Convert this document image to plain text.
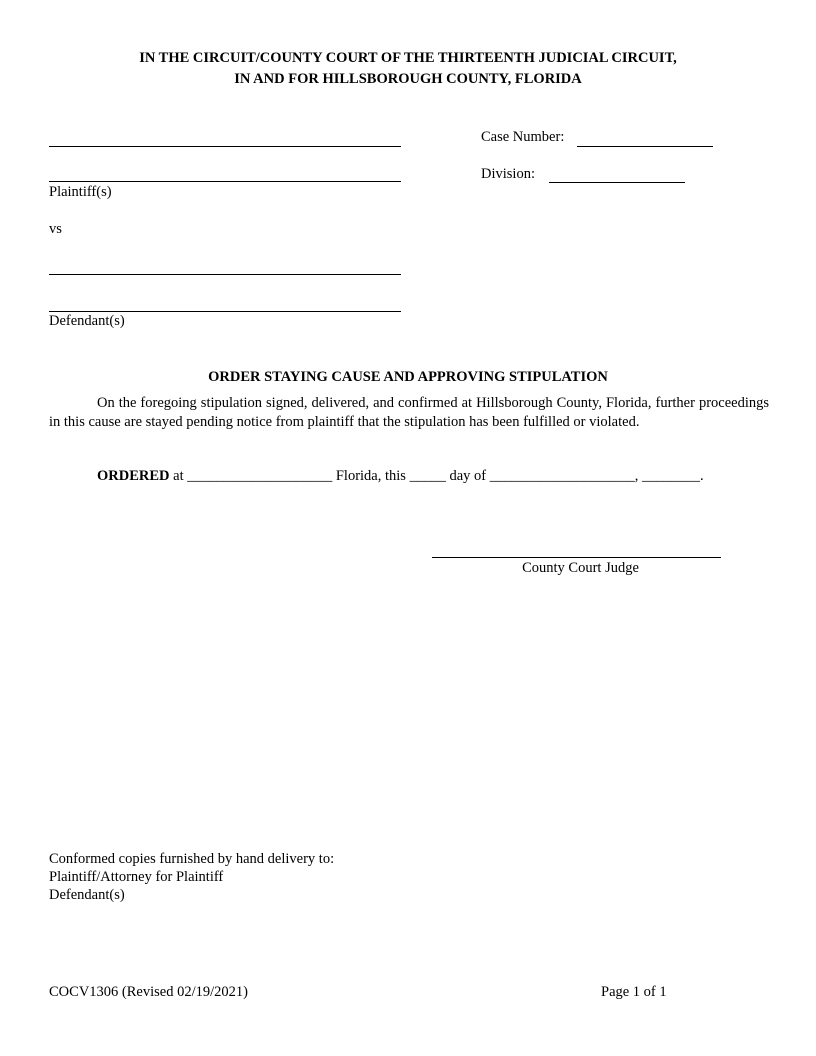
IN THE CIRCUIT/COUNTY COURT OF THE THIRTEENTH JUDICIAL CIRCUIT,
IN AND FOR HILLSBOROUGH COUNTY, FLORIDA
Plaintiff(s)
vs
Defendant(s)
Case Number:
Division:
ORDER STAYING CAUSE AND APPROVING STIPULATION
On the foregoing stipulation signed, delivered, and confirmed at Hillsborough County, Florida, further proceedings in this cause are stayed pending notice from plaintiff that the stipulation has been fulfilled or violated.
ORDERED at ____________________ Florida, this _____ day of ____________________, ________.
County Court Judge
Conformed copies furnished by hand delivery to:
Plaintiff/Attorney for Plaintiff
Defendant(s)
COCV1306 (Revised 02/19/2021)	Page 1 of 1
